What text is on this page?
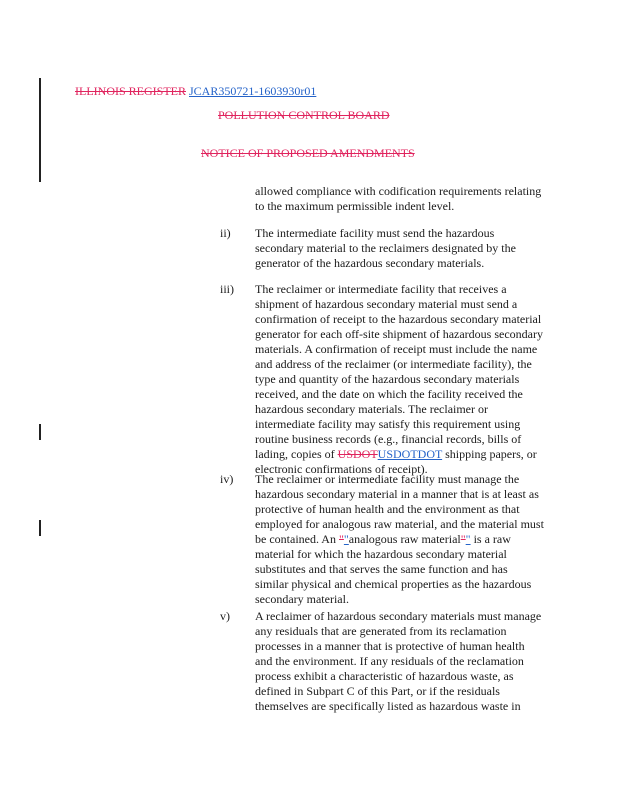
ILLINOIS REGISTER JCAR350721-1603930r01
POLLUTION CONTROL BOARD
NOTICE OF PROPOSED AMENDMENTS
allowed compliance with codification requirements relating
to the maximum permissible indent level.
ii) The intermediate facility must send the hazardous
secondary material to the reclaimers designated by the
generator of the hazardous secondary materials.
iii) The reclaimer or intermediate facility that receives a
shipment of hazardous secondary material must send a
confirmation of receipt to the hazardous secondary material
generator for each off-site shipment of hazardous secondary
materials. A confirmation of receipt must include the name
and address of the reclaimer (or intermediate facility), the
type and quantity of the hazardous secondary materials
received, and the date on which the facility received the
hazardous secondary materials. The reclaimer or
intermediate facility may satisfy this requirement using
routine business records (e.g., financial records, bills of
lading, copies of USDOTUSDOTDOT shipping papers, or
electronic confirmations of receipt).
iv) The reclaimer or intermediate facility must manage the
hazardous secondary material in a manner that is at least as
protective of human health and the environment as that
employed for analogous raw material, and the material must
be contained. An ""analogous raw material"" is a raw
material for which the hazardous secondary material
substitutes and that serves the same function and has
similar physical and chemical properties as the hazardous
secondary material.
v) A reclaimer of hazardous secondary materials must manage
any residuals that are generated from its reclamation
processes in a manner that is protective of human health
and the environment. If any residuals of the reclamation
process exhibit a characteristic of hazardous waste, as
defined in Subpart C of this Part, or if the residuals
themselves are specifically listed as hazardous waste in
